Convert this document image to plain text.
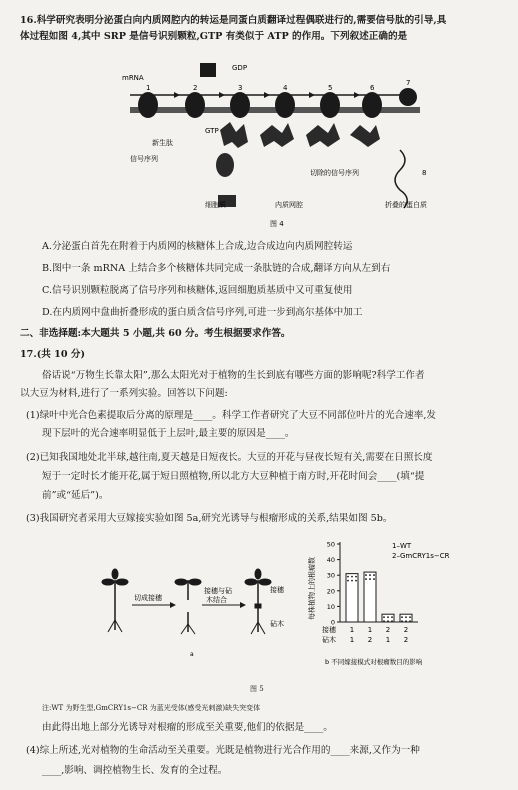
16.科学研究表明分泌蛋白向内质网腔内的转运是同蛋白质翻译过程偶联进行的,需要信号肽的引导,具
体过程如图 4,其中 SRP 是信号识别颗粒,GTP 有类似于 ATP 的作用。下列叙述正确的是
mRNA
GDP
GTP
1	2	3	4	5	6
7
8
新生肽
信号序列
切除的信号序列
细胞质	内质网腔	折叠的蛋白质
图 4
A.分泌蛋白首先在附着于内质网的核糖体上合成,边合成边向内质网腔转运
B.图中一条 mRNA 上结合多个核糖体共同完成一条肽链的合成,翻译方向从左到右
C.信号识别颗粒脱离了信号序列和核糖体,返回细胞质基质中又可重复使用
D.在内质网中盘曲折叠形成的蛋白质含信号序列,可进一步到高尔基体中加工
二、非选择题:本大题共 5 小题,共 60 分。考生根据要求作答。
17.(共 10 分)
俗话说“万物生长靠太阳”,那么太阳光对于植物的生长到底有哪些方面的影响呢?科学工作者
以大豆为材料,进行了一系列实验。回答以下问题:
(1)绿叶中光合色素提取后分离的原理是____。科学工作者研究了大豆不同部位叶片的光合速率,发
现下层叶的光合速率明显低于上层叶,最主要的原因是____。
(2)已知我国地处北半球,越往南,夏天越是日短夜长。大豆的开花与昼夜长短有关,需要在日照长度
短于一定时长才能开花,属于短日照植物,所以北方大豆种植于南方时,开花时间会____(填“提
前”或“延后”)。
(3)我国研究者采用大豆嫁接实验如图 5a,研究光诱导与根瘤形成的关系,结果如图 5b。
切成接穗
接穗与砧
木结合
接穗
砧木
a
每株植物上的根瘤数
0
10
20
30
40
50
1
1
1
2
2
1
2
2
接穗
砧木
1–WT
2–GmCRY1s−CR
b 不同嫁接模式对根瘤数目的影响
图 5
注:WT 为野生型,GmCRY1s−CR 为蓝光受体(感受光刺激)缺失突变体
由此得出地上部分光诱导对根瘤的形成至关重要,他们的依据是____。
(4)综上所述,光对植物的生命活动至关重要。光既是植物进行光合作用的____来源,又作为一种
____,影响、调控植物生长、发育的全过程。
